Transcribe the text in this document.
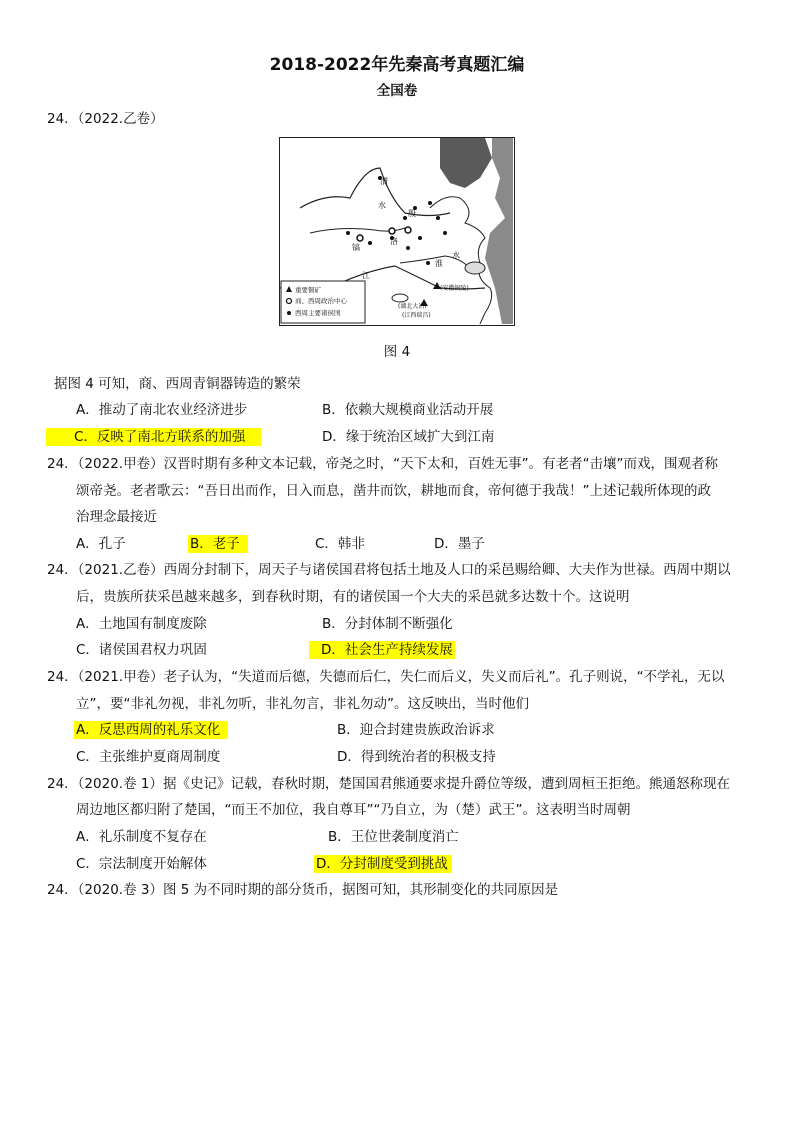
2018-2022年先秦高考真题汇编
全国卷
24．（2022.乙卷）
渭
水
殷
镐
洛
江
淮
水
(安徽铜陵)
(湖北大冶)
(江西瑞昌)
重要铜矿
商、西周政治中心
西周主要诸侯国
图 4
据图 4 可知，商、西周青铜器铸造的繁荣
A．推动了南北农业经济进步	B．依赖大规模商业活动开展
C．反映了南北方联系的加强	D．缘于统治区域扩大到江南
24．（2022.甲卷）汉晋时期有多种文本记载，帝尧之时，“天下太和，百姓无事”。有老者“击壤”而戏，围观者称
颂帝尧。老者歌云：“吾日出而作，日入而息，凿井而饮，耕地而食，帝何德于我哉！”上述记载所体现的政
治理念最接近
A．孔子	B．老子	C．韩非	D．墨子
24．（2021.乙卷）西周分封制下，周天子与诸侯国君将包括土地及人口的采邑赐给卿、大夫作为世禄。西周中期以
后，贵族所获采邑越来越多，到春秋时期，有的诸侯国一个大夫的采邑就多达数十个。这说明
A．土地国有制度废除	B．分封体制不断强化
C．诸侯国君权力巩固	D．社会生产持续发展
24．（2021.甲卷）老子认为，“失道而后德，失德而后仁，失仁而后义，失义而后礼”。孔子则说，“不学礼，无以
立”，要“非礼勿视，非礼勿听，非礼勿言，非礼勿动”。这反映出，当时他们
A．反思西周的礼乐文化	B．迎合封建贵族政治诉求
C．主张维护夏商周制度	D．得到统治者的积极支持
24．（2020.卷 1）据《史记》记载，春秋时期，楚国国君熊通要求提升爵位等级，遭到周桓王拒绝。熊通怒称现在
周边地区都归附了楚国，“而王不加位，我自尊耳”“乃自立，为（楚）武王”。这表明当时周朝
A．礼乐制度不复存在	B．王位世袭制度消亡
C．宗法制度开始解体	D．分封制度受到挑战
24．（2020.卷 3）图 5 为不同时期的部分货币，据图可知，其形制变化的共同原因是
